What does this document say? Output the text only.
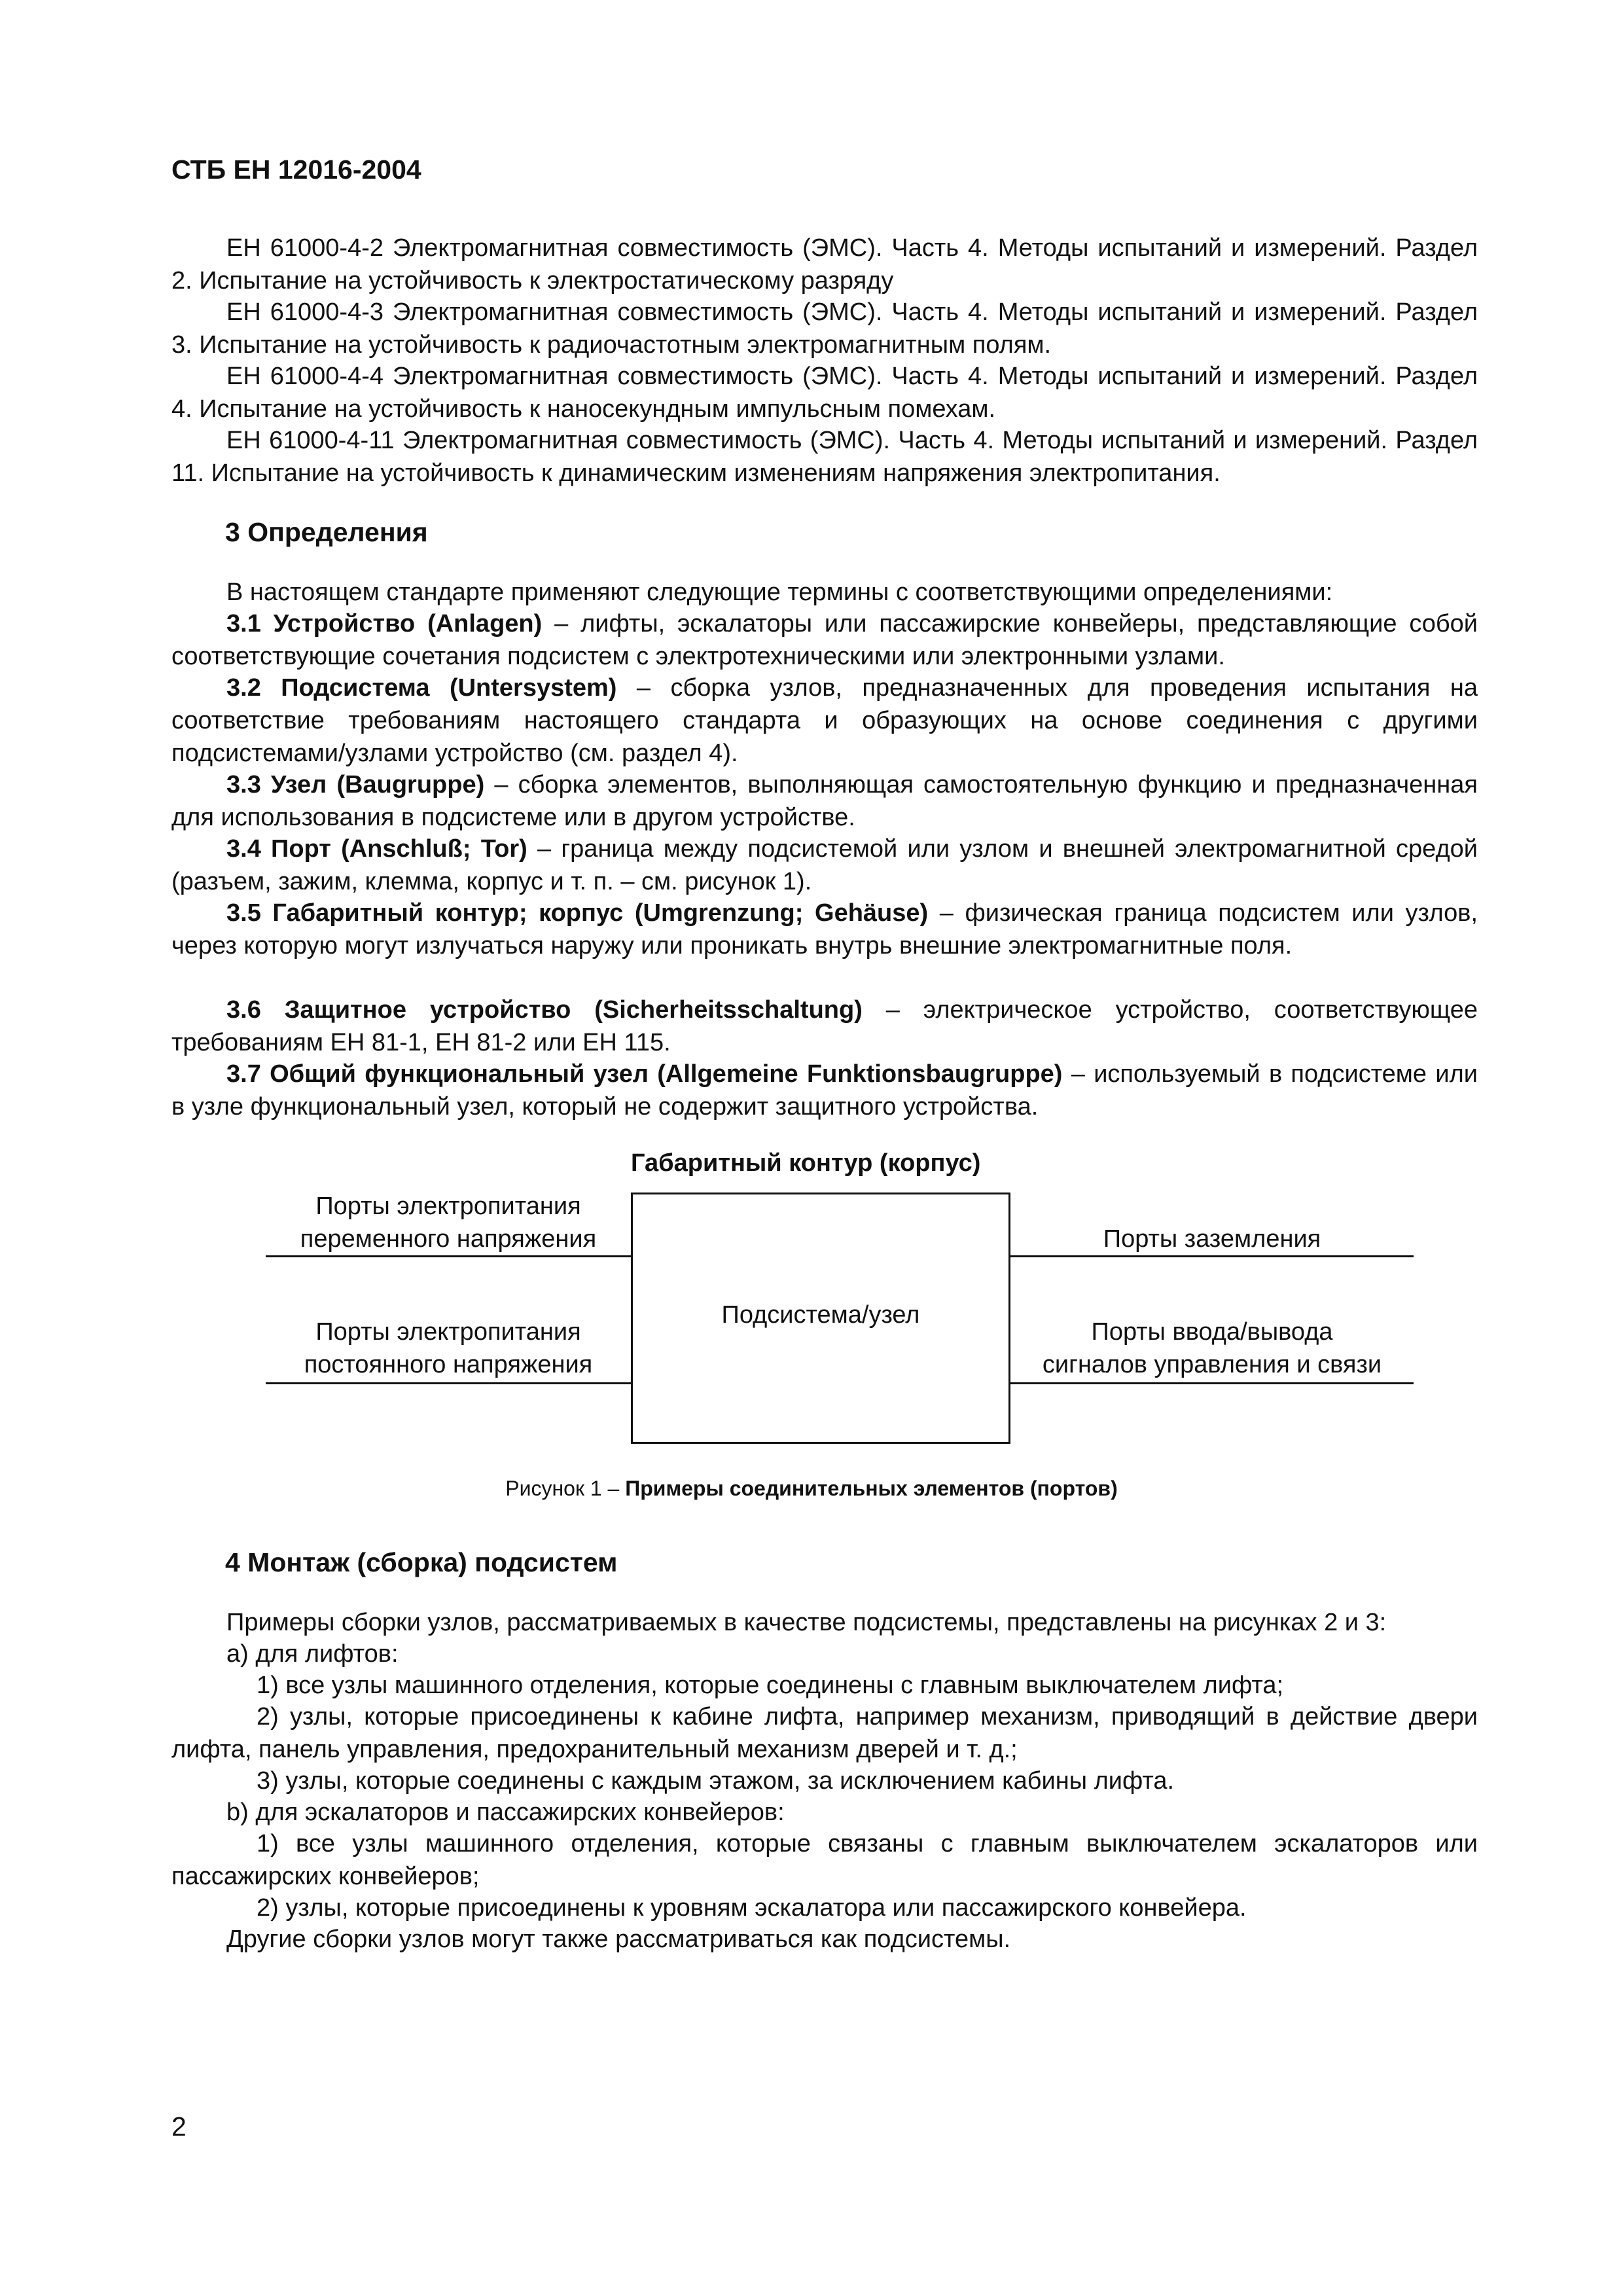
СТБ ЕН 12016-2004
ЕН 61000-4-2 Электромагнитная совместимость (ЭМС). Часть 4. Методы испытаний и измерений. Раздел 2. Испытание на устойчивость к электростатическому разряду
ЕН 61000-4-3 Электромагнитная совместимость (ЭМС). Часть 4. Методы испытаний и измерений. Раздел 3. Испытание на устойчивость к радиочастотным электромагнитным полям.
ЕН 61000-4-4 Электромагнитная совместимость (ЭМС). Часть 4. Методы испытаний и измерений. Раздел 4. Испытание на устойчивость к наносекундным импульсным помехам.
ЕН 61000-4-11 Электромагнитная совместимость (ЭМС). Часть 4. Методы испытаний и измерений. Раздел 11. Испытание на устойчивость к динамическим изменениям напряжения электропитания.
3 Определения
В настоящем стандарте применяют следующие термины с соответствующими определениями:
3.1 Устройство (Anlagen) – лифты, эскалаторы или пассажирские конвейеры, представляющие собой соответствующие сочетания подсистем с электротехническими или электронными узлами.
3.2 Подсистема (Untersystem) – сборка узлов, предназначенных для проведения испытания на соответствие требованиям настоящего стандарта и образующих на основе соединения с другими подсистемами/узлами устройство (см. раздел 4).
3.3 Узел (Baugruppe) – сборка элементов, выполняющая самостоятельную функцию и предназначенная для использования в подсистеме или в другом устройстве.
3.4 Порт (Anschluß; Tor) – граница между подсистемой или узлом и внешней электромагнитной средой (разъем, зажим, клемма, корпус и т. п. – см. рисунок 1).
3.5 Габаритный контур; корпус (Umgrenzung; Gehäuse) – физическая граница подсистем или узлов, через которую могут излучаться наружу или проникать внутрь внешние электромагнитные поля.
3.6 Защитное устройство (Sicherheitsschaltung) – электрическое устройство, соответствующее требованиям ЕН 81-1, ЕН 81-2 или ЕН 115.
3.7 Общий функциональный узел (Allgemeine Funktionsbaugruppe) – используемый в подсистеме или в узле функциональный узел, который не содержит защитного устройства.
Габаритный контур (корпус)
Подсистема/узел
Порты электропитания
переменного напряжения
Порты электропитания
постоянного напряжения
Порты заземления
Порты ввода/вывода
сигналов управления и связи
Рисунок 1 – Примеры соединительных элементов (портов)
4 Монтаж (сборка) подсистем
Примеры сборки узлов, рассматриваемых в качестве подсистемы, представлены на рисунках 2 и 3:
а) для лифтов:
1) все узлы машинного отделения, которые соединены с главным выключателем лифта;
2) узлы, которые присоединены к кабине лифта, например механизм, приводящий в действие двери лифта, панель управления, предохранительный механизм дверей и т. д.;
3) узлы, которые соединены с каждым этажом, за исключением кабины лифта.
b) для эскалаторов и пассажирских конвейеров:
1) все узлы машинного отделения, которые связаны с главным выключателем эскалаторов или пассажирских конвейеров;
2) узлы, которые присоединены к уровням эскалатора или пассажирского конвейера.
Другие сборки узлов могут также рассматриваться как подсистемы.
2
